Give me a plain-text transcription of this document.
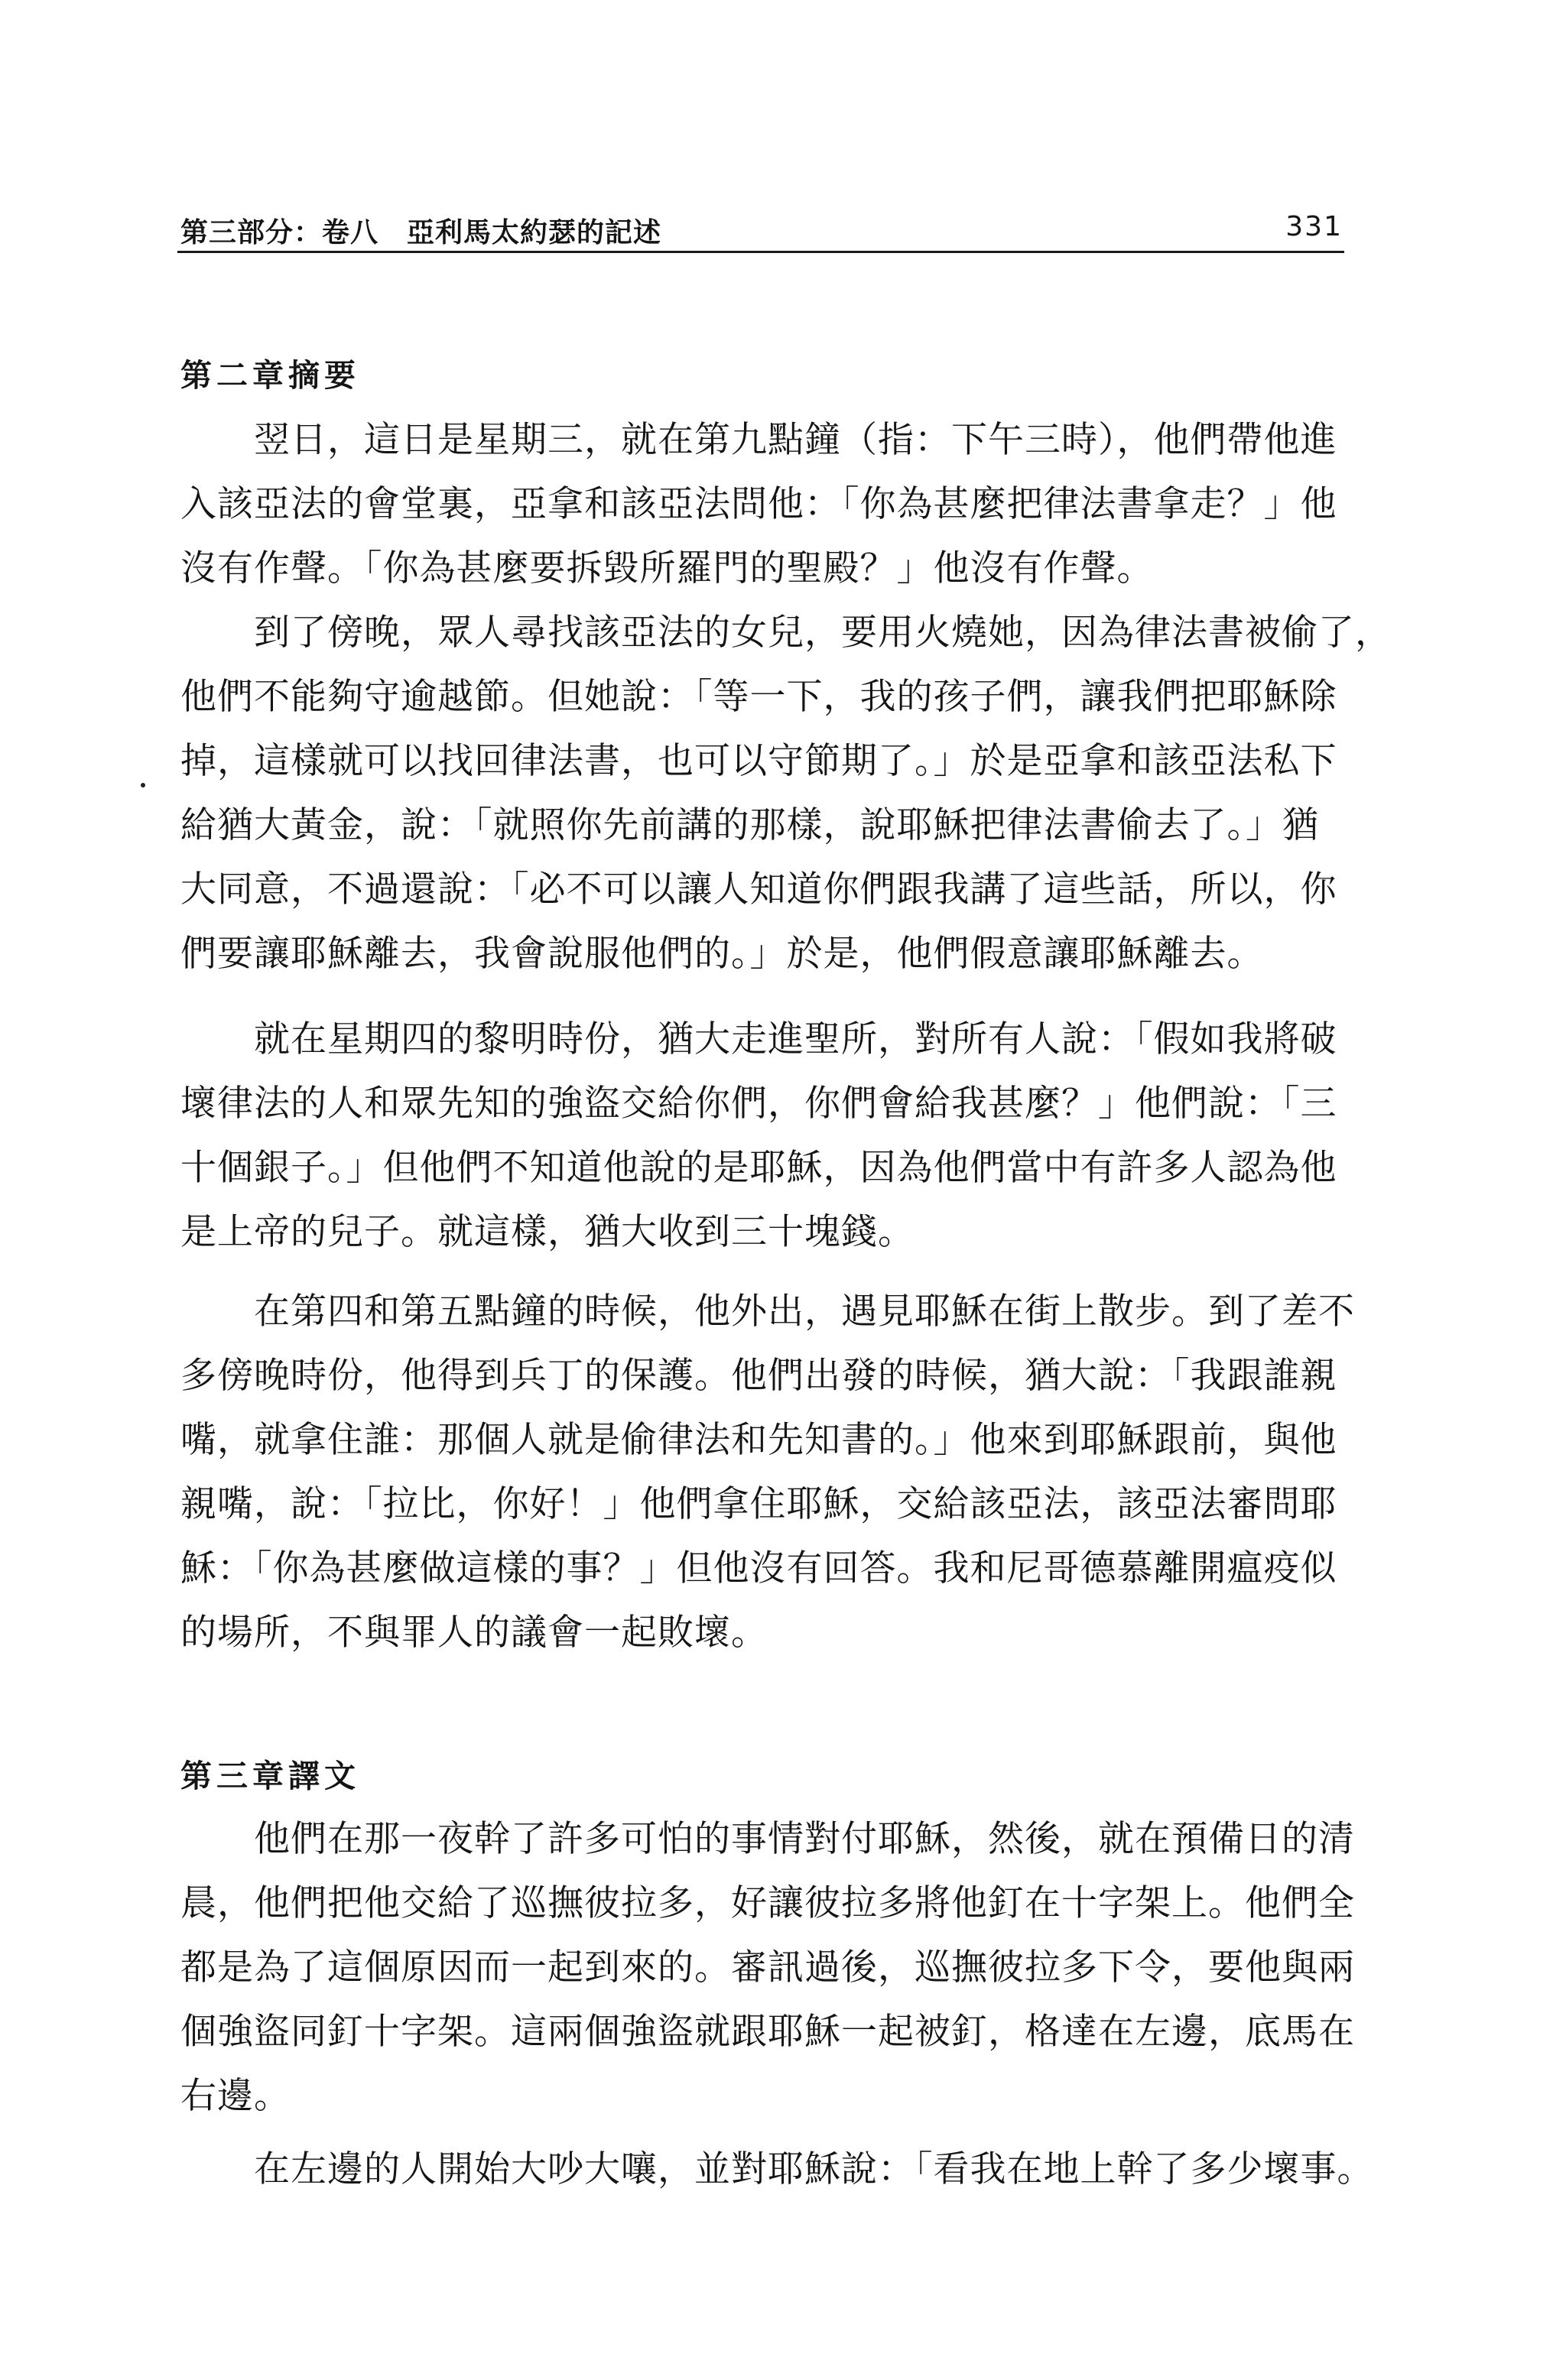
第三部分：卷八　亞利馬太約瑟的記述	331
第二章摘要
翌日，這日是星期三，就在第九點鐘（指：下午三時），他們帶他進
入該亞法的會堂裏，亞拿和該亞法問他：「你為甚麼把律法書拿走？」他
沒有作聲。「你為甚麼要拆毀所羅門的聖殿？」他沒有作聲。
到了傍晚，眾人尋找該亞法的女兒，要用火燒她，因為律法書被偷了，
他們不能夠守逾越節。但她說：「等一下，我的孩子們，讓我們把耶穌除
掉，這樣就可以找回律法書，也可以守節期了。」於是亞拿和該亞法私下
給猶大黃金，說：「就照你先前講的那樣，說耶穌把律法書偷去了。」猶
大同意，不過還說：「必不可以讓人知道你們跟我講了這些話，所以，你
們要讓耶穌離去，我會說服他們的。」於是，他們假意讓耶穌離去。
就在星期四的黎明時份，猶大走進聖所，對所有人說：「假如我將破
壞律法的人和眾先知的強盜交給你們，你們會給我甚麼？」他們說：「三
十個銀子。」但他們不知道他說的是耶穌，因為他們當中有許多人認為他
是上帝的兒子。就這樣，猶大收到三十塊錢。
在第四和第五點鐘的時候，他外出，遇見耶穌在街上散步。到了差不
多傍晚時份，他得到兵丁的保護。他們出發的時候，猶大說：「我跟誰親
嘴，就拿住誰：那個人就是偷律法和先知書的。」他來到耶穌跟前，與他
親嘴，說：「拉比，你好！」他們拿住耶穌，交給該亞法，該亞法審問耶
穌：「你為甚麼做這樣的事？」但他沒有回答。我和尼哥德慕離開瘟疫似
的場所，不與罪人的議會一起敗壞。
第三章譯文
他們在那一夜幹了許多可怕的事情對付耶穌，然後，就在預備日的清
晨，他們把他交給了巡撫彼拉多，好讓彼拉多將他釘在十字架上。他們全
都是為了這個原因而一起到來的。審訊過後，巡撫彼拉多下令，要他與兩
個強盜同釘十字架。這兩個強盜就跟耶穌一起被釘，格達在左邊，底馬在
右邊。
在左邊的人開始大吵大嚷，並對耶穌說：「看我在地上幹了多少壞事。
